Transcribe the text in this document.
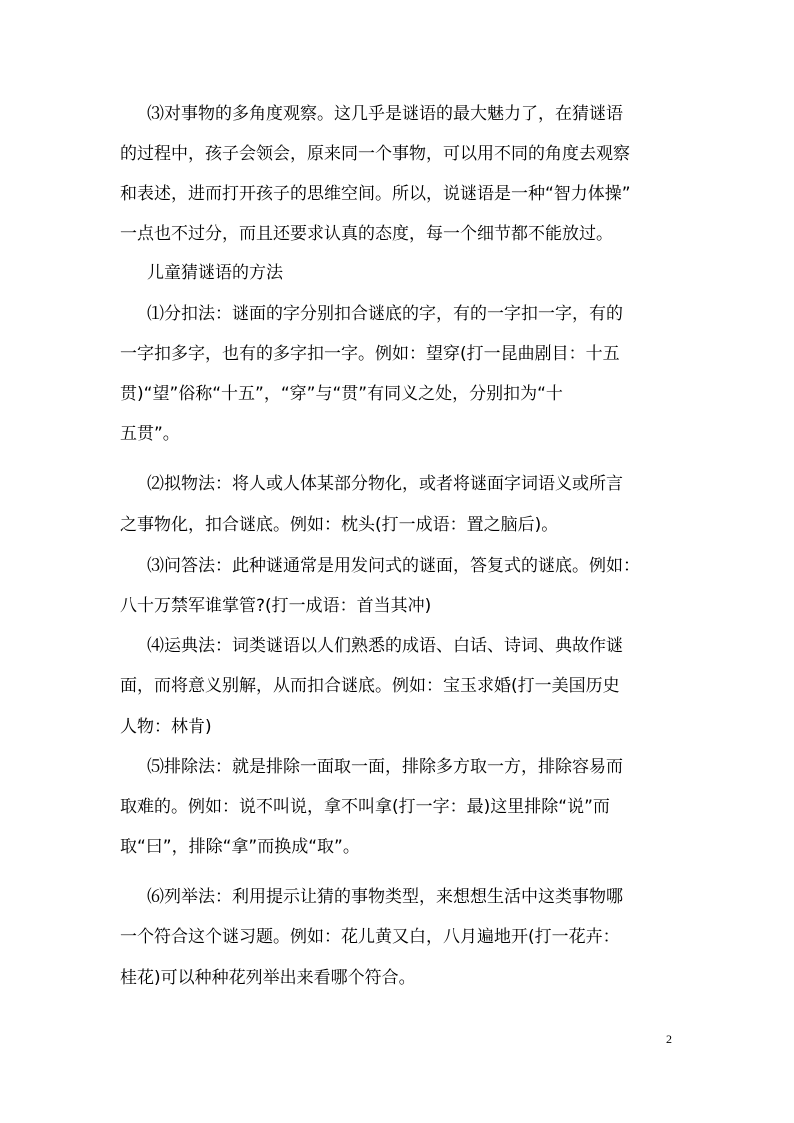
⑶对事物的多角度观察。这几乎是谜语的最大魅力了，在猜谜语
的过程中，孩子会领会，原来同一个事物，可以用不同的角度去观察
和表述，进而打开孩子的思维空间。所以，说谜语是一种“智力体操”
一点也不过分，而且还要求认真的态度，每一个细节都不能放过。
儿童猜谜语的方法
⑴分扣法：谜面的字分别扣合谜底的字，有的一字扣一字，有的
一字扣多字，也有的多字扣一字。例如：望穿(打一昆曲剧目：十五
贯)“望”俗称“十五”，“穿”与“贯”有同义之处，分别扣为“十
五贯”。
⑵拟物法：将人或人体某部分物化，或者将谜面字词语义或所言
之事物化，扣合谜底。例如：枕头(打一成语：置之脑后)。
⑶问答法：此种谜通常是用发问式的谜面，答复式的谜底。例如：
八十万禁军谁掌管?(打一成语：首当其冲)
⑷运典法：词类谜语以人们熟悉的成语、白话、诗词、典故作谜
面，而将意义别解，从而扣合谜底。例如：宝玉求婚(打一美国历史
人物：林肯)
⑸排除法：就是排除一面取一面，排除多方取一方，排除容易而
取难的。例如：说不叫说，拿不叫拿(打一字：最)这里排除“说”而
取“曰”，排除“拿”而换成“取”。
⑹列举法：利用提示让猜的事物类型，来想想生活中这类事物哪
一个符合这个谜习题。例如：花儿黄又白，八月遍地开(打一花卉：
桂花)可以种种花列举出来看哪个符合。
2
